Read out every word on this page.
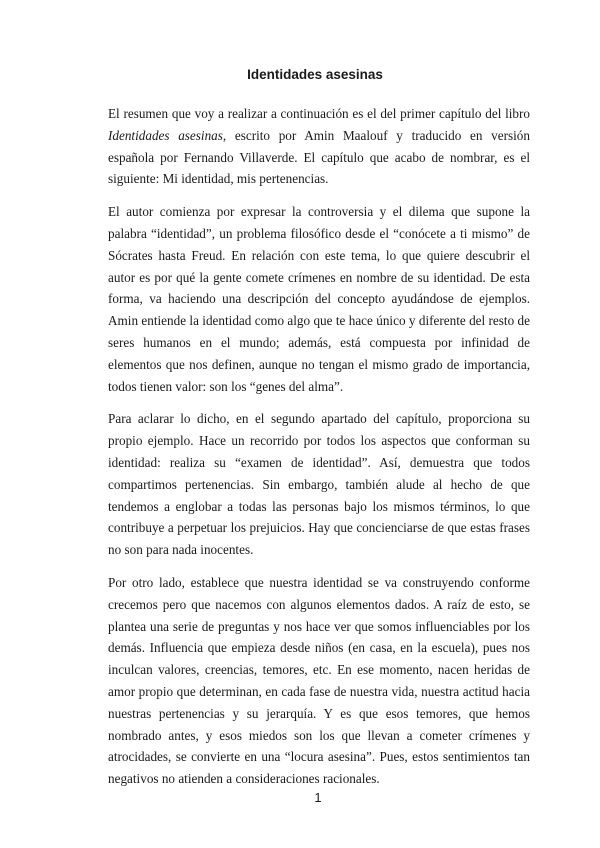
Identidades asesinas

El resumen que voy a realizar a continuación es el del primer capítulo del libro Identidades asesinas, escrito por Amin Maalouf y traducido en versión española por Fernando Villaverde. El capítulo que acabo de nombrar, es el siguiente: Mi identidad, mis pertenencias.

El autor comienza por expresar la controversia y el dilema que supone la palabra “identidad”, un problema filosófico desde el “conócete a ti mismo” de Sócrates hasta Freud. En relación con este tema, lo que quiere descubrir el autor es por qué la gente comete crímenes en nombre de su identidad. De esta forma, va haciendo una descripción del concepto ayudándose de ejemplos. Amin entiende la identidad como algo que te hace único y diferente del resto de seres humanos en el mundo; además, está compuesta por infinidad de elementos que nos definen, aunque no tengan el mismo grado de importancia, todos tienen valor: son los “genes del alma”.

Para aclarar lo dicho, en el segundo apartado del capítulo, proporciona su propio ejemplo. Hace un recorrido por todos los aspectos que conforman su identidad: realiza su “examen de identidad”. Así, demuestra que todos compartimos pertenencias. Sin embargo, también alude al hecho de que tendemos a englobar a todas las personas bajo los mismos términos, lo que contribuye a perpetuar los prejuicios. Hay que concienciarse de que estas frases no son para nada inocentes.

Por otro lado, establece que nuestra identidad se va construyendo conforme crecemos pero que nacemos con algunos elementos dados. A raíz de esto, se plantea una serie de preguntas y nos hace ver que somos influenciables por los demás. Influencia que empieza desde niños (en casa, en la escuela), pues nos inculcan valores, creencias, temores, etc. En ese momento, nacen heridas de amor propio que determinan, en cada fase de nuestra vida, nuestra actitud hacia nuestras pertenencias y su jerarquía. Y es que esos temores, que hemos nombrado antes, y esos miedos son los que llevan a cometer crímenes y atrocidades, se convierte en una “locura asesina”. Pues, estos sentimientos tan negativos no atienden a consideraciones racionales.

1
